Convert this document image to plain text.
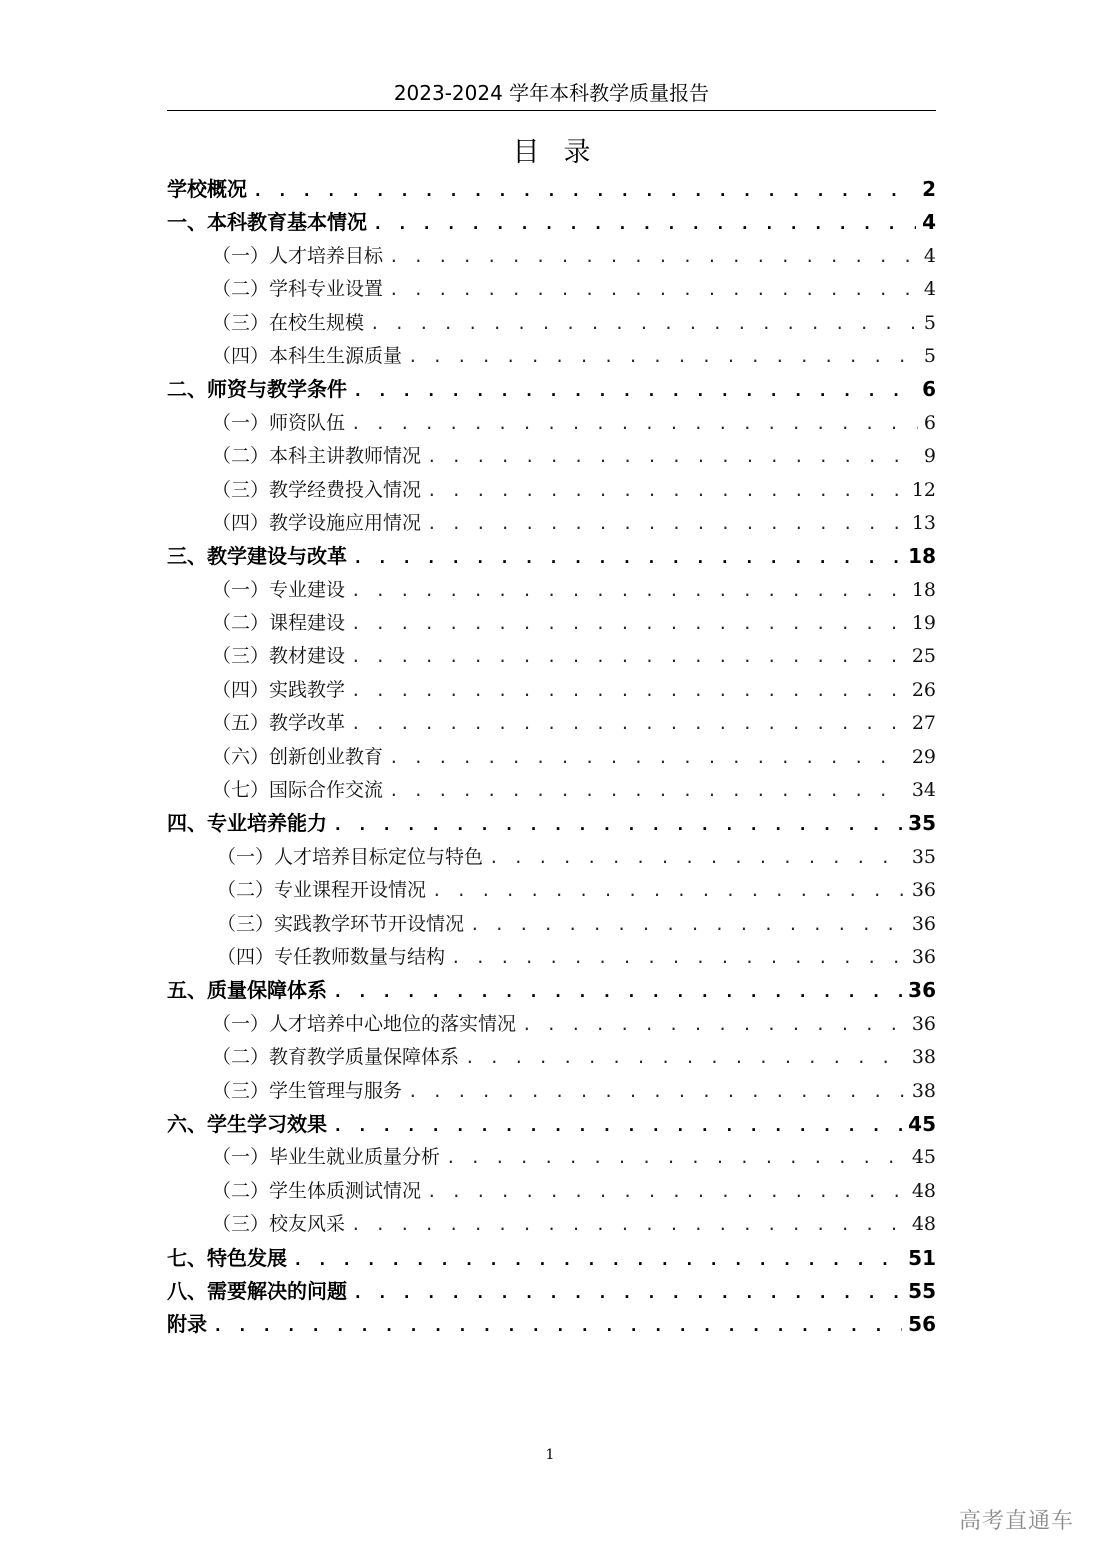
2023-2024 学年本科教学质量报告
目录
学校概况 . . .	2
一、本科教育基本情况 . . .	4
（一）人才培养目标 . . .	4
（二）学科专业设置 . . .	4
（三）在校生规模 . . .	5
（四）本科生生源质量 . . .	5
二、师资与教学条件 . . .	6
（一）师资队伍 . . .	6
（二）本科主讲教师情况 . . .	9
（三）教学经费投入情况 . . .	12
（四）教学设施应用情况 . . .	13
三、教学建设与改革 . . .	18
（一）专业建设 . . .	18
（二）课程建设 . . .	19
（三）教材建设 . . .	25
（四）实践教学 . . .	26
（五）教学改革 . . .	27
（六）创新创业教育 . . .	29
（七）国际合作交流 . . .	34
四、专业培养能力 . . .	35
（一）人才培养目标定位与特色 . . .	35
（二）专业课程开设情况 . . .	36
（三）实践教学环节开设情况 . . .	36
（四）专任教师数量与结构 . . .	36
五、质量保障体系 . . .	36
（一）人才培养中心地位的落实情况 . . .	36
（二）教育教学质量保障体系 . . .	38
（三）学生管理与服务 . . .	38
六、学生学习效果 . . .	45
（一）毕业生就业质量分析 . . .	45
（二）学生体质测试情况 . . .	48
（三）校友风采 . . .	48
七、特色发展 . . .	51
八、需要解决的问题 . . .	55
附录 . . .	56
1
高考直通车
